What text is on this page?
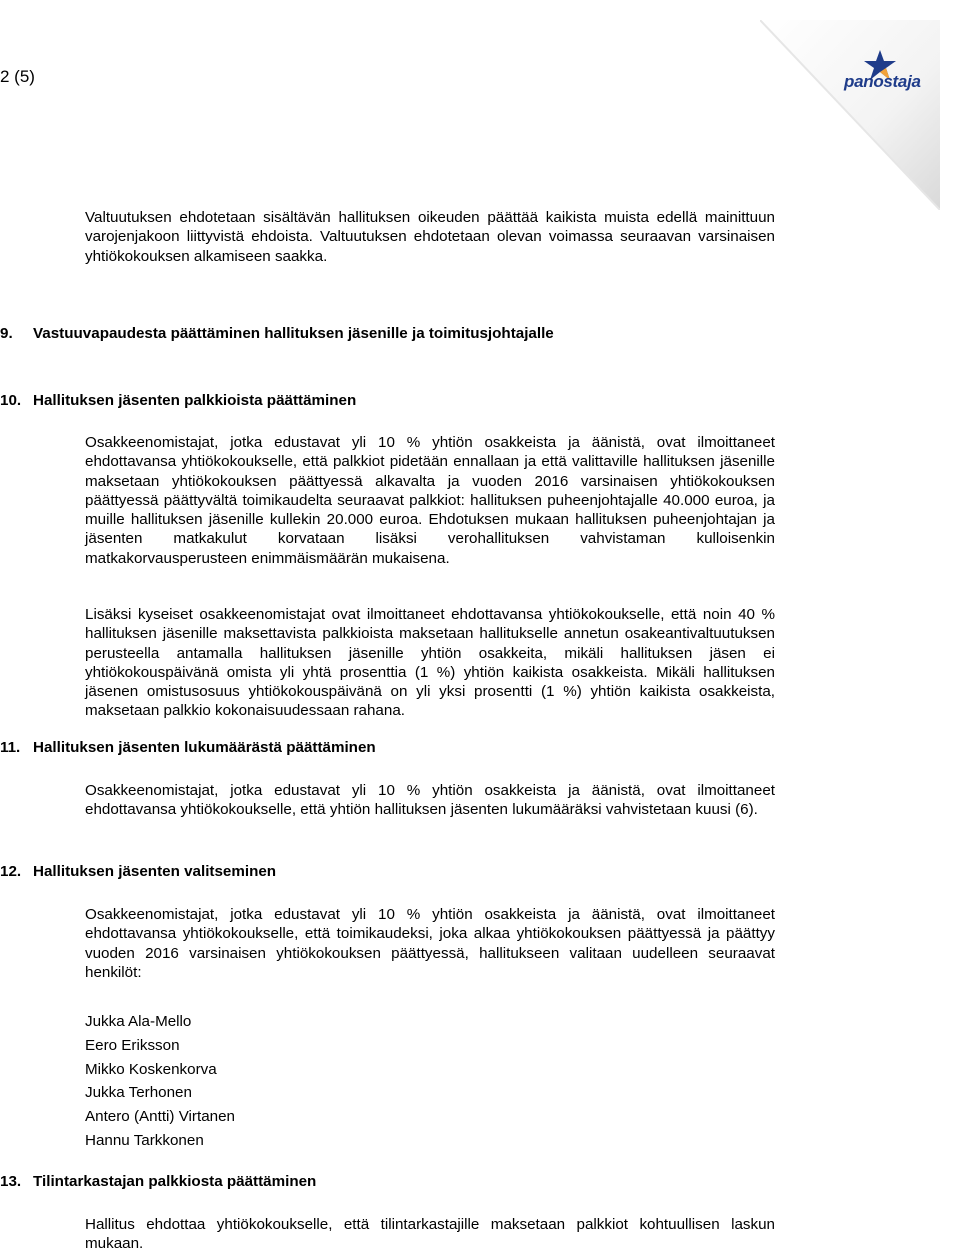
2 (5)	panostaja

Valtuutuksen ehdotetaan sisältävän hallituksen oikeuden päättää kaikista muista edellä mainittuun varojenjakoon liittyvistä ehdoista. Valtuutuksen ehdotetaan olevan voimassa seuraavan varsinaisen yhtiökokouksen alkamiseen saakka.

9. Vastuuvapaudesta päättäminen hallituksen jäsenille ja toimitusjohtajalle
10. Hallituksen jäsenten palkkioista päättäminen

Osakkeenomistajat, jotka edustavat yli 10 % yhtiön osakkeista ja äänistä, ovat ilmoittaneet ehdottavansa yhtiökokoukselle, että palkkiot pidetään ennallaan ja että valittaville hallituksen jäsenille maksetaan yhtiökokouksen päättyessä alkavalta ja vuoden 2016 varsinaisen yhtiökokouksen päättyessä päättyvältä toimikaudelta seuraavat palkkiot: hallituksen puheenjohtajalle 40.000 euroa, ja muille hallituksen jäsenille kullekin 20.000 euroa. Ehdotuksen mukaan hallituksen puheenjohtajan ja jäsenten matkakulut korvataan lisäksi verohallituksen vahvistaman kulloisenkin matkakorvausperusteen enimmäismäärän mukaisena.

Lisäksi kyseiset osakkeenomistajat ovat ilmoittaneet ehdottavansa yhtiökokoukselle, että noin 40 % hallituksen jäsenille maksettavista palkkioista maksetaan hallitukselle annetun osakeantivaltuutuksen perusteella antamalla hallituksen jäsenille yhtiön osakkeita, mikäli hallituksen jäsen ei yhtiökokouspäivänä omista yli yhtä prosenttia (1 %) yhtiön kaikista osakkeista. Mikäli hallituksen jäsenen omistusosuus yhtiökokouspäivänä on yli yksi prosentti (1 %) yhtiön kaikista osakkeista, maksetaan palkkio kokonaisuudessaan rahana.

11. Hallituksen jäsenten lukumäärästä päättäminen

Osakkeenomistajat, jotka edustavat yli 10 % yhtiön osakkeista ja äänistä, ovat ilmoittaneet ehdottavansa yhtiökokoukselle, että yhtiön hallituksen jäsenten lukumääräksi vahvistetaan kuusi (6).

12. Hallituksen jäsenten valitseminen

Osakkeenomistajat, jotka edustavat yli 10 % yhtiön osakkeista ja äänistä, ovat ilmoittaneet ehdottavansa yhtiökokoukselle, että toimikaudeksi, joka alkaa yhtiökokouksen päättyessä ja päättyy vuoden 2016 varsinaisen yhtiökokouksen päättyessä, hallitukseen valitaan uudelleen seuraavat henkilöt:

Jukka Ala-Mello
Eero Eriksson
Mikko Koskenkorva
Jukka Terhonen
Antero (Antti) Virtanen
Hannu Tarkkonen
13. Tilintarkastajan palkkiosta päättäminen

Hallitus ehdottaa yhtiökokoukselle, että tilintarkastajille maksetaan palkkiot kohtuullisen laskun mukaan.
